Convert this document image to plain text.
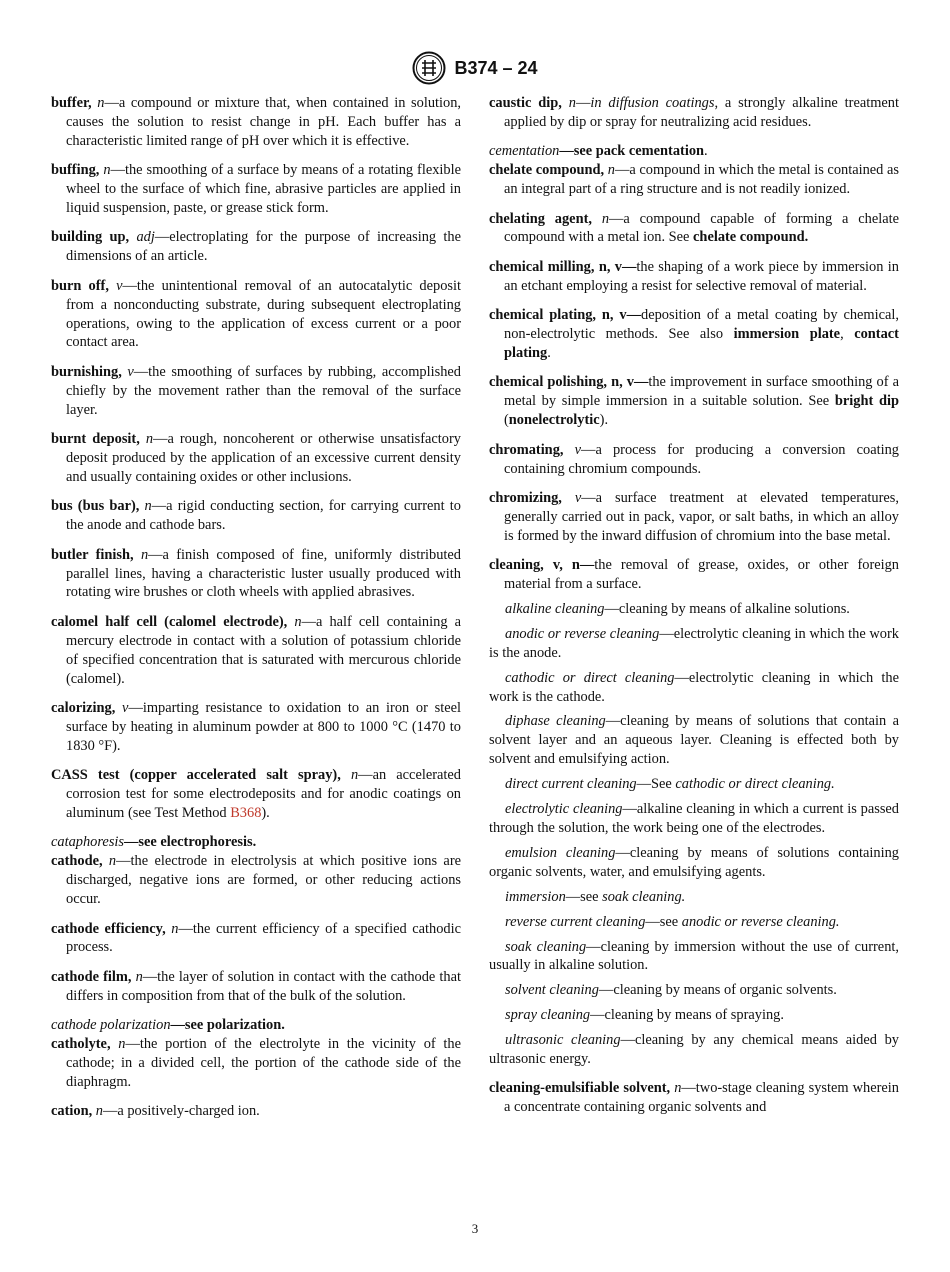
B374 – 24

buffer, n—a compound or mixture that, when contained in solution, causes the solution to resist change in pH. Each buffer has a characteristic limited range of pH over which it is effective.

buffing, n—the smoothing of a surface by means of a rotating flexible wheel to the surface of which fine, abrasive particles are applied in liquid suspension, paste, or grease stick form.

building up, adj—electroplating for the purpose of increasing the dimensions of an article.

burn off, v—the unintentional removal of an autocatalytic deposit from a nonconducting substrate, during subsequent electroplating operations, owing to the application of excess current or a poor contact area.

burnishing, v—the smoothing of surfaces by rubbing, accomplished chiefly by the movement rather than the removal of the surface layer.

burnt deposit, n—a rough, noncoherent or otherwise unsatisfactory deposit produced by the application of an excessive current density and usually containing oxides or other inclusions.

bus (bus bar), n—a rigid conducting section, for carrying current to the anode and cathode bars.

butler finish, n—a finish composed of fine, uniformly distributed parallel lines, having a characteristic luster usually produced with rotating wire brushes or cloth wheels with applied abrasives.

calomel half cell (calomel electrode), n—a half cell containing a mercury electrode in contact with a solution of potassium chloride of specified concentration that is saturated with mercurous chloride (calomel).

calorizing, v—imparting resistance to oxidation to an iron or steel surface by heating in aluminum powder at 800 to 1000 °C (1470 to 1830 °F).

CASS test (copper accelerated salt spray), n—an accelerated corrosion test for some electrodeposits and for anodic coatings on aluminum (see Test Method B368).

cataphoresis—see electrophoresis.

cathode, n—the electrode in electrolysis at which positive ions are discharged, negative ions are formed, or other reducing actions occur.

cathode efficiency, n—the current efficiency of a specified cathodic process.

cathode film, n—the layer of solution in contact with the cathode that differs in composition from that of the bulk of the solution.

cathode polarization—see polarization.

catholyte, n—the portion of the electrolyte in the vicinity of the cathode; in a divided cell, the portion of the cathode side of the diaphragm.

cation, n—a positively-charged ion.

caustic dip, n—in diffusion coatings, a strongly alkaline treatment applied by dip or spray for neutralizing acid residues.

cementation—see pack cementation.

chelate compound, n—a compound in which the metal is contained as an integral part of a ring structure and is not readily ionized.

chelating agent, n—a compound capable of forming a chelate compound with a metal ion. See chelate compound.

chemical milling, n, v—the shaping of a work piece by immersion in an etchant employing a resist for selective removal of material.

chemical plating, n, v—deposition of a metal coating by chemical, non-electrolytic methods. See also immersion plate, contact plating.

chemical polishing, n, v—the improvement in surface smoothing of a metal by simple immersion in a suitable solution. See bright dip (nonelectrolytic).

chromating, v—a process for producing a conversion coating containing chromium compounds.

chromizing, v—a surface treatment at elevated temperatures, generally carried out in pack, vapor, or salt baths, in which an alloy is formed by the inward diffusion of chromium into the base metal.

cleaning, v, n—the removal of grease, oxides, or other foreign material from a surface.

alkaline cleaning—cleaning by means of alkaline solutions.

anodic or reverse cleaning—electrolytic cleaning in which the work is the anode.

cathodic or direct cleaning—electrolytic cleaning in which the work is the cathode.

diphase cleaning—cleaning by means of solutions that contain a solvent layer and an aqueous layer. Cleaning is effected both by solvent and emulsifying action.

direct current cleaning—See cathodic or direct cleaning.

electrolytic cleaning—alkaline cleaning in which a current is passed through the solution, the work being one of the electrodes.

emulsion cleaning—cleaning by means of solutions containing organic solvents, water, and emulsifying agents.

immersion—see soak cleaning.

reverse current cleaning—see anodic or reverse cleaning.

soak cleaning—cleaning by immersion without the use of current, usually in alkaline solution.

solvent cleaning—cleaning by means of organic solvents.

spray cleaning—cleaning by means of spraying.

ultrasonic cleaning—cleaning by any chemical means aided by ultrasonic energy.

cleaning-emulsifiable solvent, n—two-stage cleaning system wherein a concentrate containing organic solvents and

3
